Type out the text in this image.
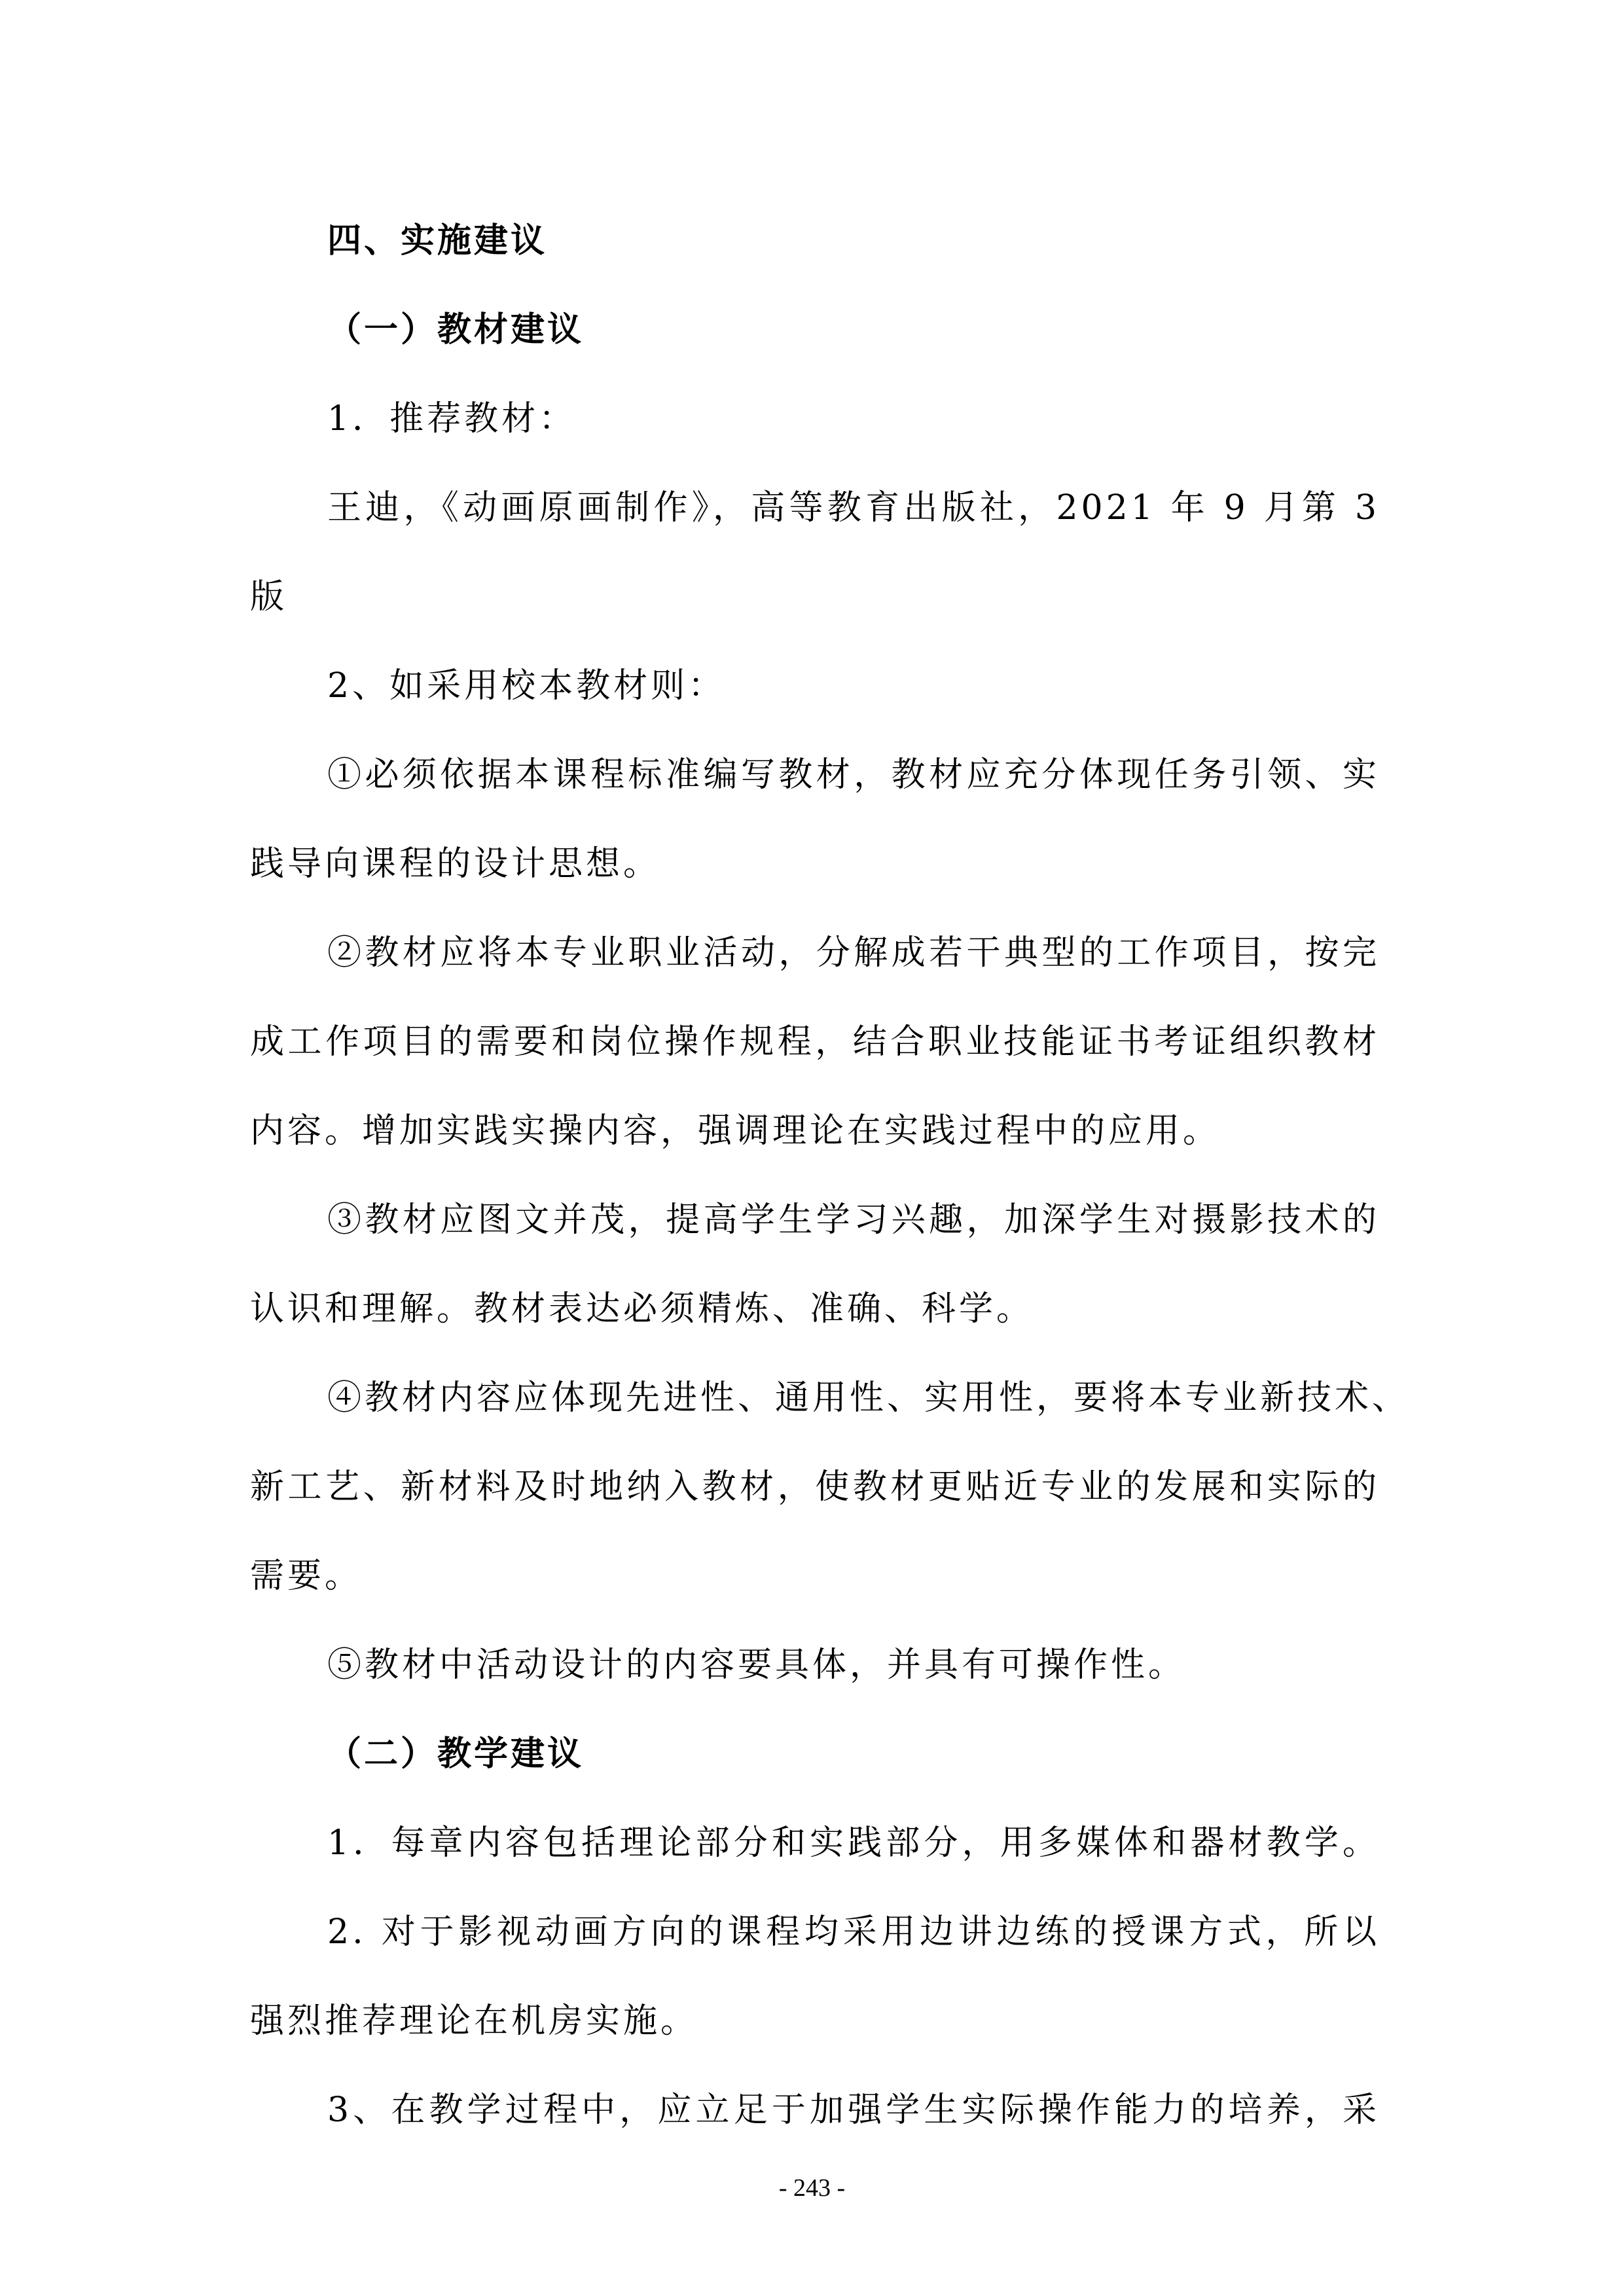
四、实施建议

（一）教材建议

1．推荐教材：

王迪，《动画原画制作》，高等教育出版社，2021 年 9 月第 3

版

2、如采用校本教材则：

①必须依据本课程标准编写教材，教材应充分体现任务引领、实

践导向课程的设计思想。

②教材应将本专业职业活动，分解成若干典型的工作项目，按完

成工作项目的需要和岗位操作规程，结合职业技能证书考证组织教材

内容。增加实践实操内容，强调理论在实践过程中的应用。

③教材应图文并茂，提高学生学习兴趣，加深学生对摄影技术的

认识和理解。教材表达必须精炼、准确、科学。

④教材内容应体现先进性、通用性、实用性，要将本专业新技术、

新工艺、新材料及时地纳入教材，使教材更贴近专业的发展和实际的

需要。

⑤教材中活动设计的内容要具体，并具有可操作性。

（二）教学建议

1．每章内容包括理论部分和实践部分，用多媒体和器材教学。

2. 对于影视动画方向的课程均采用边讲边练的授课方式，所以

强烈推荐理论在机房实施。

3、在教学过程中，应立足于加强学生实际操作能力的培养，采

- 243 -
